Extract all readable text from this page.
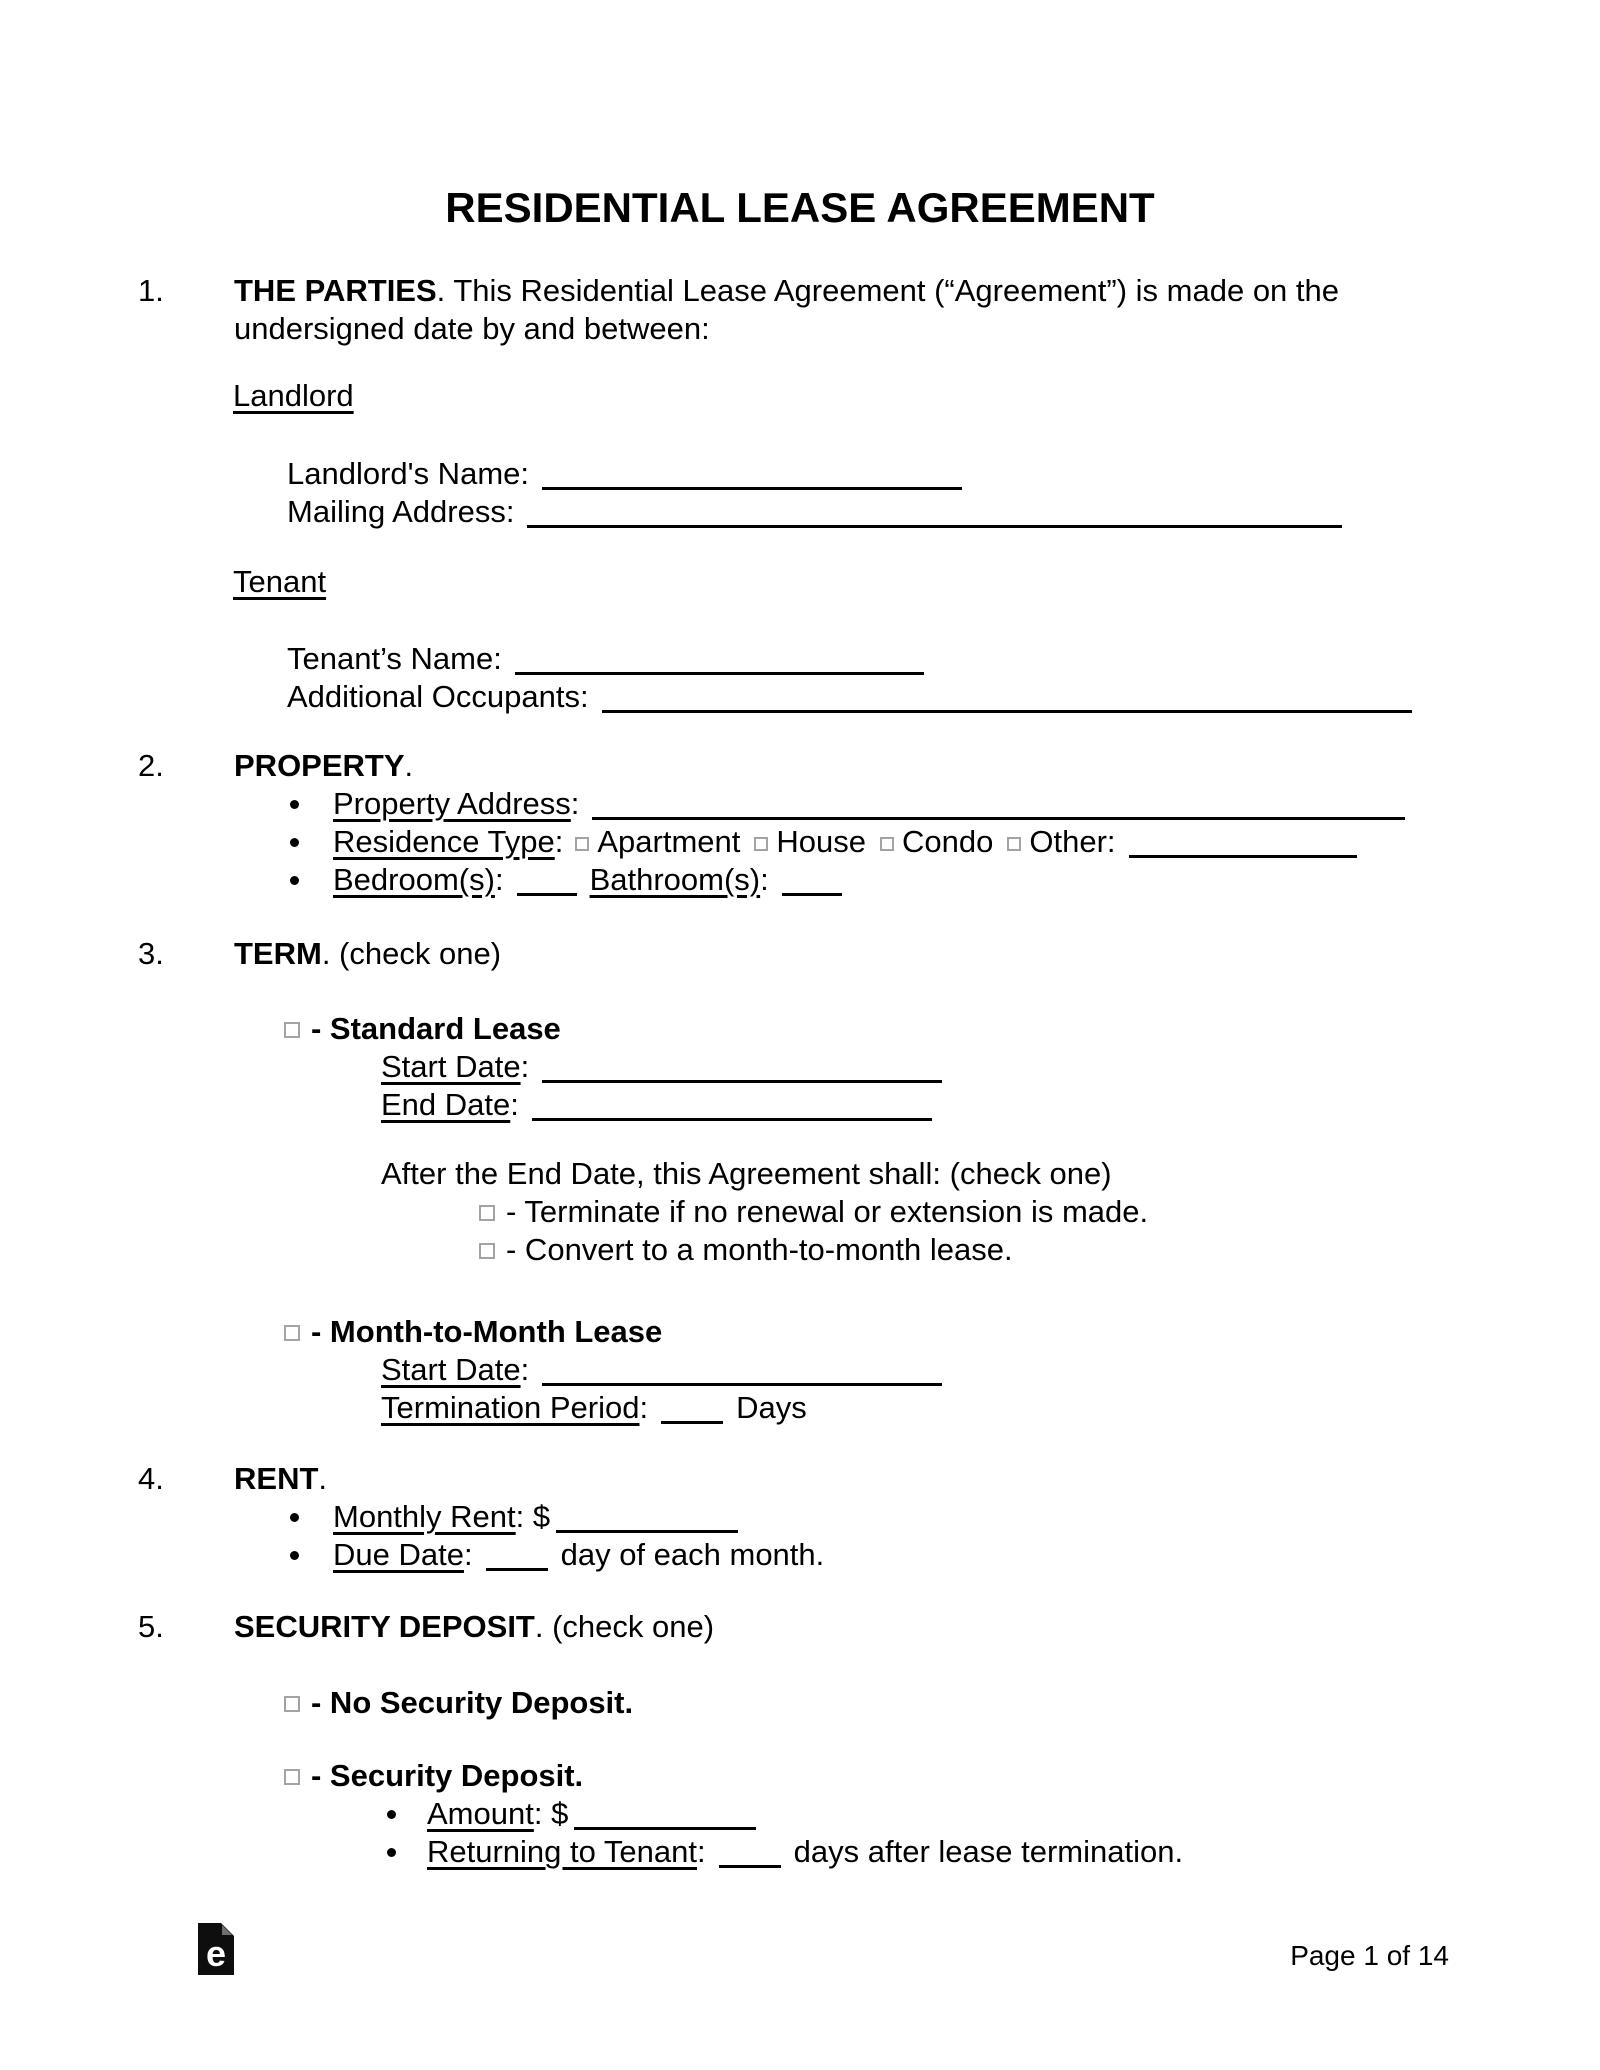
RESIDENTIAL LEASE AGREEMENT
1. THE PARTIES. This Residential Lease Agreement (“Agreement”) is made on the undersigned date by and between:
Landlord
Landlord's Name:
Mailing Address:
Tenant
Tenant’s Name:
Additional Occupants:
2. PROPERTY.
Property Address:
Residence Type: Apartment House Condo Other:
Bedroom(s):	Bathroom(s):
3. TERM. (check one)
- Standard Lease
Start Date:
End Date:
After the End Date, this Agreement shall: (check one)
- Terminate if no renewal or extension is made.
- Convert to a month-to-month lease.
- Month-to-Month Lease
Start Date:
Termination Period:	Days
4. RENT.
Monthly Rent: $
Due Date:	day of each month.
5. SECURITY DEPOSIT. (check one)
- No Security Deposit.
- Security Deposit.
Amount: $
Returning to Tenant:	days after lease termination.
e	Page 1 of 14
